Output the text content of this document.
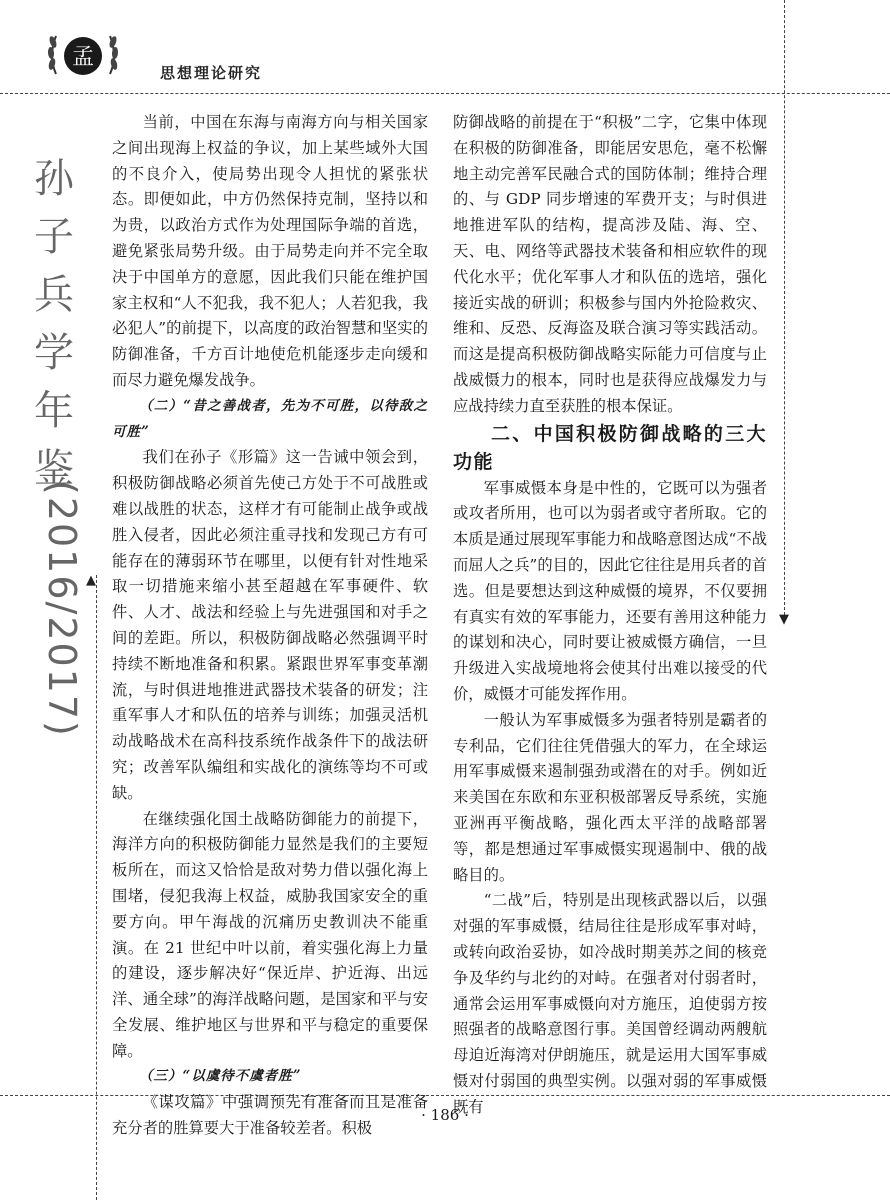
孟
思想理论研究
孙
子
兵
学
年
鉴
(2016/2017) ▲
▼

当前，中国在东海与南海方向与相关国家之间出现海上权益的争议，加上某些域外大国的不良介入，使局势出现令人担忧的紧张状态。即便如此，中方仍然保持克制，坚持以和为贵，以政治方式作为处理国际争端的首选，避免紧张局势升级。由于局势走向并不完全取决于中国单方的意愿，因此我们只能在维护国家主权和“人不犯我，我不犯人；人若犯我，我必犯人”的前提下，以高度的政治智慧和坚实的防御准备，千方百计地使危机能逐步走向缓和而尽力避免爆发战争。

（二）“昔之善战者，先为不可胜，以待敌之可胜”

我们在孙子《形篇》这一告诫中领会到，积极防御战略必须首先使己方处于不可战胜或难以战胜的状态，这样才有可能制止战争或战胜入侵者，因此必须注重寻找和发现己方有可能存在的薄弱环节在哪里，以便有针对性地采取一切措施来缩小甚至超越在军事硬件、软件、人才、战法和经验上与先进强国和对手之间的差距。所以，积极防御战略必然强调平时持续不断地准备和积累。紧跟世界军事变革潮流，与时俱进地推进武器技术装备的研发；注重军事人才和队伍的培养与训练；加强灵活机动战略战术在高科技系统作战条件下的战法研究；改善军队编组和实战化的演练等均不可或缺。

在继续强化国土战略防御能力的前提下，海洋方向的积极防御能力显然是我们的主要短板所在，而这又恰恰是敌对势力借以强化海上围堵，侵犯我海上权益，威胁我国家安全的重要方向。甲午海战的沉痛历史教训决不能重演。在 21 世纪中叶以前，着实强化海上力量的建设，逐步解决好“保近岸、护近海、出远洋、通全球”的海洋战略问题，是国家和平与安全发展、维护地区与世界和平与稳定的重要保障。

（三）“以虞待不虞者胜”

《谋攻篇》中强调预先有准备而且是准备充分者的胜算要大于准备较差者。积极

防御战略的前提在于“积极”二字，它集中体现在积极的防御准备，即能居安思危，毫不松懈地主动完善军民融合式的国防体制；维持合理的、与 GDP 同步增速的军费开支；与时俱进地推进军队的结构，提高涉及陆、海、空、天、电、网络等武器技术装备和相应软件的现代化水平；优化军事人才和队伍的选培，强化接近实战的研训；积极参与国内外抢险救灾、维和、反恐、反海盗及联合演习等实践活动。而这是提高积极防御战略实际能力可信度与止战威慑力的根本，同时也是获得应战爆发力与应战持续力直至获胜的根本保证。

二、中国积极防御战略的三大功能

军事威慑本身是中性的，它既可以为强者或攻者所用，也可以为弱者或守者所取。它的本质是通过展现军事能力和战略意图达成“不战而屈人之兵”的目的，因此它往往是用兵者的首选。但是要想达到这种威慑的境界，不仅要拥有真实有效的军事能力，还要有善用这种能力的谋划和决心，同时要让被威慑方确信，一旦升级进入实战境地将会使其付出难以接受的代价，威慑才可能发挥作用。

一般认为军事威慑多为强者特别是霸者的专利品，它们往往凭借强大的军力，在全球运用军事威慑来遏制强劲或潜在的对手。例如近来美国在东欧和东亚积极部署反导系统，实施亚洲再平衡战略，强化西太平洋的战略部署等，都是想通过军事威慑实现遏制中、俄的战略目的。

“二战”后，特别是出现核武器以后，以强对强的军事威慑，结局往往是形成军事对峙，或转向政治妥协，如冷战时期美苏之间的核竞争及华约与北约的对峙。在强者对付弱者时，通常会运用军事威慑向对方施压，迫使弱方按照强者的战略意图行事。美国曾经调动两艘航母迫近海湾对伊朗施压，就是运用大国军事威慑对付弱国的典型实例。以强对弱的军事威慑既有

· 186 ·
